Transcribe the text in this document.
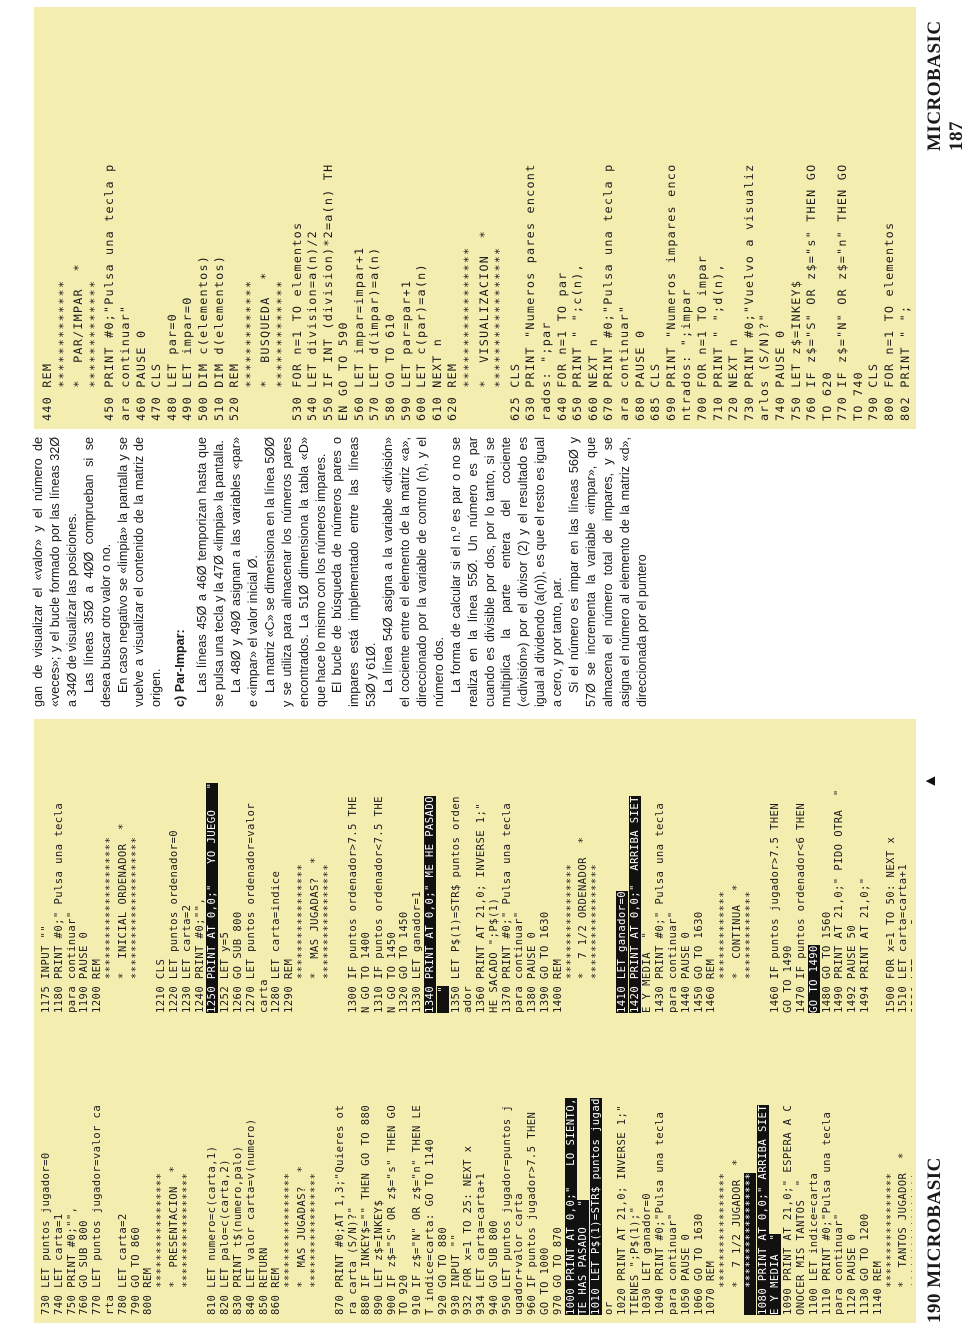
190 MICROBASIC
MICROBASIC 187
730 LET puntos jugador=0 740 LET carta=1 750 PRINT #0;"", 760 GO SUB 800 770 LET puntos jugador=valor ca rta 780 LET carta=2 790 GO TO 860 800 REM ***************** *  PRESENTACION  * *****************
810 LET numero=c(carta,1) 820 LET palo=c(carta,2) 830 PRINT t$(numero,palo) 840 LET valor carta=v(numero) 850 RETURN 860 REM ***************** *  MAS JUGADAS?  * *****************
870 PRINT #0;AT 1,3;"Quieres ot ra carta (S/N)?" 880 IF INKEY$="" THEN GO TO 880 890 LET z$=INKEY$ 900 IF z$="S" OR z$="s" THEN GO TO 920 910 IF z$="N" OR z$="n" THEN LE T indice=carta: GO TO 1140 920 GO TO 880 930 INPUT "" 932 FOR x=1 TO 25: NEXT x 934 LET carta=carta+1 940 GO SUB 800 950 LET puntos jugador=puntos j ugador+valor carta 960 IF puntos jugador>7.5 THEN GO TO 1000 970 GO TO 870 1000 PRINT AT 0,0;"   LO SIENTO, TE HAS PASADO   " 1010 LET P$(1)=STR$ puntos jugad or 1020 PRINT AT 21,0; INVERSE 1;" TIENES ";P$(1);" 1030 LET ganador=0 1040 PRINT #0;"Pulsa una tecla para continuar" 1050 PAUSE 0 1060 GO TO 1630 1070 REM ***************** *  7 1/2 JUGADOR  * ***************** 1080 PRINT AT 0,0;" ARRIBA SIET E Y MEDIA  " 1090 PRINT AT 21,0;" ESPERA A C ONOCER MIS TANTOS  " 1100 LET indice=carta 1110 PRINT #0;"Pulsa una tecla para continuar" 1120 PAUSE 0 1130 GO TO 1200 1140 REM ***************** *  TANTOS JUGADOR  *

1175 INPUT "" 1180 PRINT #0;" Pulsa una tecla para continuar" 1190 PAUSE 0 1200 REM ********************* *  INICIAL ORDENADOR  * *********************
1210 CLS 1220 LET puntos ordenador=0 1230 LET carta=2 1240 PRINT #0;"", 1250 PRINT AT 0,0;"   YO JUEGO   " 1252 LET y=5 1260 GO SUB 800 1270 LET puntos ordenador=valor carta 1280 LET carta=indice 1290 REM ***************** *  MAS JUGADAS?  * *****************
1300 IF puntos ordenador>7.5 THE N GO TO 1400 1310 IF puntos ordenador<7.5 THE N GO TO 1450 1320 GO TO 1450 1330 LET ganador=1 1340 PRINT AT 0,0;" ME HE PASADO " 1350 LET P$(1)=STR$ puntos orden ador 1360 PRINT AT 21,0; INVERSE 1;" HE SACADO ";P$(1) 1370 PRINT #0;" Pulsa una tecla para continuar" 1380 PAUSE 0 1390 GO TO 1630 1400 REM ***************** *  7 1/2 ORDENADOR  * *****************
1410 LET ganador=0 1420 PRINT AT 0,0;"  ARRIBA SIET E Y MEDIA  " 1430 PRINT #0;" Pulsa una tecla para continuar" 1440 PAUSE 0 1450 GO TO 1630 1460 REM ************* *  CONTINUA  * *************
1460 IF puntos jugador>7.5 THEN GO TO 1490 1470 IF puntos ordenador<6 THEN GO TO 1490 1480 GO TO 1560 1490 PRINT AT 21,0;" PIDO OTRA  " 1492 PAUSE 50 1494 PRINT AT 21,0;"
1500 FOR x=1 TO 50: NEXT x 1510 LET carta=carta+1
▲

gan de visualizar el «valor» y el número de «veces»; y el bucle formado por las líneas 32Ø a 34Ø de visualizar las posiciones. Las líneas 35Ø a 4ØØ comprueban si se desea buscar otro valor o no. En caso negativo se «limpia» la pantalla y se vuelve a visualizar el contenido de la matriz de origen. c) Par-Impar: Las líneas 45Ø a 46Ø temporizan hasta que se pulsa una tecla y la 47Ø «limpia» la pantalla. La 48Ø y 49Ø asignan a las variables «par» e «impar» el valor inicial Ø. La matriz «C» se dimensiona en la línea 5ØØ y se utiliza para almacenar los números pares encontrados. La 51Ø dimensiona la tabla «D» que hace lo mismo con los números impares. El bucle de búsqueda de números pares o impares está implementado entre las líneas 53Ø y 61Ø. La línea 54Ø asigna a la variable «división» el cociente entre el elemento de la matriz «a», direccionado por la variable de control (n), y el número dos. La forma de calcular si el n.º es par o no se realiza en la línea 55Ø. Un número es par cuando es divisible por dos, por lo tanto, si se multiplica la parte entera del cociente («división») por el divisor (2) y el resultado es igual al dividendo (a(n)), es que el resto es igual a cero, y por tanto, par. Si el número es impar en las líneas 56Ø y 57Ø se incrementa la variable «impar», que almacena el número total de impares, y se asigna el número al elemento de la matriz «d», direccionada por el puntero

440 REM ************* *  PAR/IMPAR  * ************* 450 PRINT #0;"Pulsa una tecla p ara continuar" 460 PAUSE 0 470 CLS 480 LET par=0 490 LET impar=0 500 DIM c(elementos) 510 DIM d(elementos) 520 REM ************* *  BUSQUEDA  * ************* 530 FOR n=1 TO elementos 540 LET division=a(n)/2 550 IF INT (division)*2=a(n) TH EN GO TO 590 560 LET impar=impar+1 570 LET d(impar)=a(n) 580 GO TO 610 590 LET par=par+1 600 LET c(par)=a(n) 610 NEXT n 620 REM ***************** *  VISUALIZACION  * ***************** 625 CLS 630 PRINT "Numeros pares encont rados: ";par 640 FOR n=1 TO par 650 PRINT " ";c(n), 660 NEXT n 670 PRINT #0;"Pulsa una tecla p ara continuar" 680 PAUSE 0 685 CLS 690 PRINT "Numeros impares enco ntrados: ";impar 700 FOR n=1 TO impar 710 PRINT " ";d(n), 720 NEXT n 730 PRINT #0;"Vuelvo a visualiz arlos (S/N)?" 740 PAUSE 0 750 LET z$=INKEY$ 760 IF z$="S" OR z$="s" THEN GO TO 620 770 IF z$="N" OR z$="n" THEN GO TO 740 790 CLS 800 FOR n=1 TO elementos 802 PRINT " ";
